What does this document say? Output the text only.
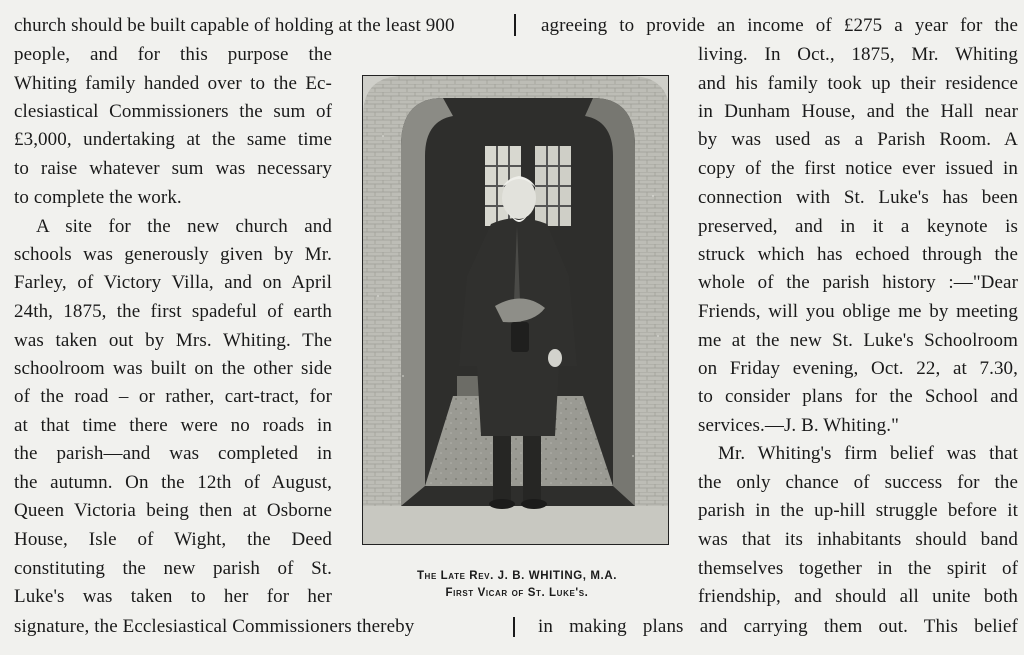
church should be built capable of holding at the least 900
people, and for this purpose the
Whiting family handed over to the Ec-
clesiastical Commissioners the sum of
£3,000, undertaking at the same time
to raise whatever sum was necessary
to complete the work.
A site for the new church and
schools was generously given by Mr.
Farley, of Victory Villa, and on April
24th, 1875, the first spadeful of earth
was taken out by Mrs. Whiting. The
schoolroom was built on the other side
of the road – or rather, cart-tract, for
at that time there were no roads in
the parish—and was completed in
the autumn. On the 12th of August,
Queen Victoria being then at Osborne
House, Isle of Wight, the Deed
constituting the new parish of St.
Luke's was taken to her for her
signature, the Ecclesiastical Commissioners thereby
agreeing to provide an income of £275 a year for the
living. In Oct., 1875, Mr. Whiting
and his family took up their residence
in Dunham House, and the Hall near
by was used as a Parish Room. A
copy of the first notice ever issued in
connection with St. Luke's has been
preserved, and in it a keynote is
struck which has echoed through the
whole of the parish history :—"Dear
Friends, will you oblige me by meeting
me at the new St. Luke's Schoolroom
on Friday evening, Oct. 22, at 7.30,
to consider plans for the School and
services.—J. B. Whiting."
Mr. Whiting's firm belief was that
the only chance of success for the
parish in the up-hill struggle before it
was that its inhabitants should band
themselves together in the spirit of
friendship, and should all unite both
in making plans and carrying them out. This belief
The Late Rev. J. B. WHITING, M.A.
First Vicar of St. Luke's.
